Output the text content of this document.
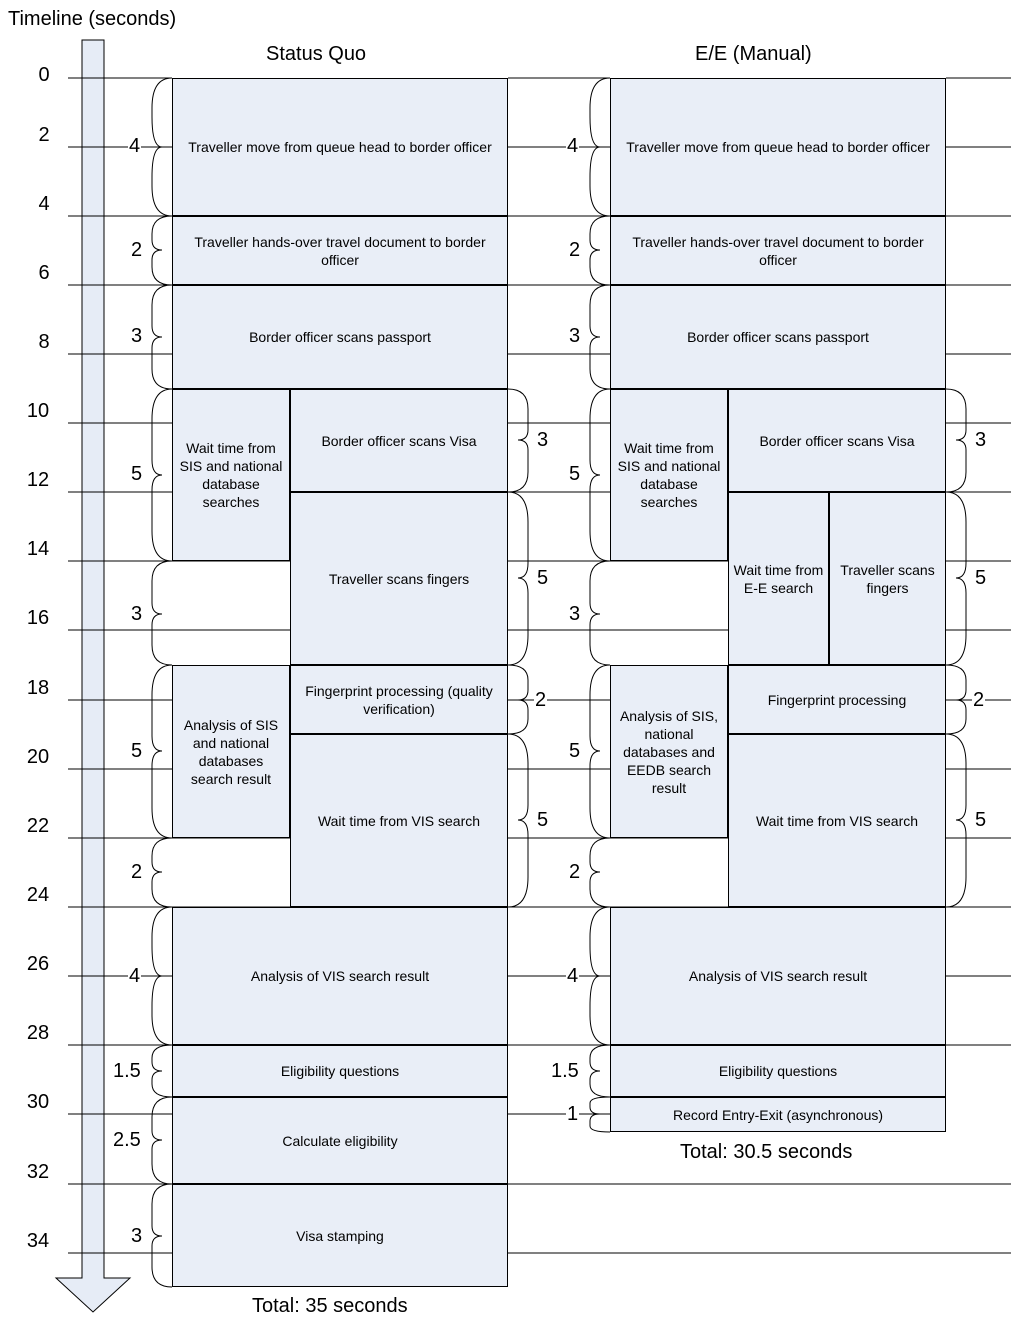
Timeline (seconds)
Status Quo	E/E (Manual)
0
2
4
6
8
10
12
14
16
18
20
22
24
26
28
30
32
34
Traveller move from queue head to border officer
Traveller hands-over travel document to border officer
Border officer scans passport
Wait time from SIS and national database searches
Border officer scans Visa
Traveller scans fingers
Analysis of SIS and national databases search result
Fingerprint processing (quality verification)
Wait time from VIS search
Analysis of VIS search result
Eligibility questions
Calculate eligibility
Visa stamping
Traveller move from queue head to border officer
Traveller hands-over travel document to border officer
Border officer scans passport
Wait time from SIS and national database searches
Border officer scans Visa
Wait time from E-E search
Traveller scans fingers
Analysis of SIS, national databases and EEDB search result
Fingerprint processing
Wait time from VIS search
Analysis of VIS search result
Eligibility questions
Record Entry-Exit (asynchronous)
4
2
3
5
3
5
3
5
2
5
2
4
1.5
2.5
3
4
2
3
5
3
5
3
5
2
5
2
4
1.5
1
Total: 35 seconds
Total: 30.5 seconds
